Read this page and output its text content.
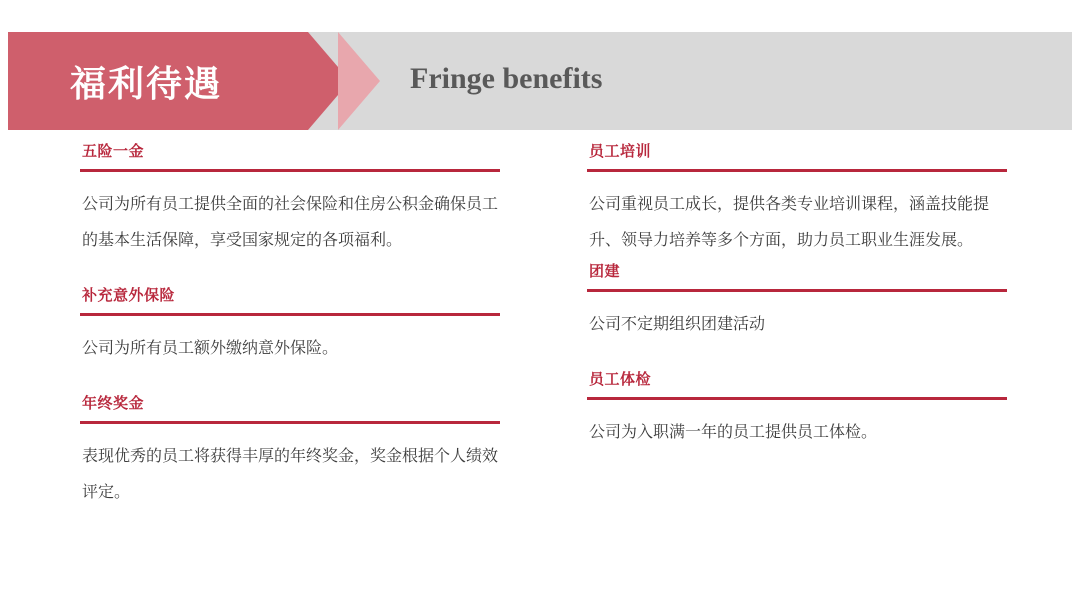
福利待遇	Fringe benefits
五险一金
公司为所有员工提供全面的社会保险和住房公积金确保员工的基本生活保障，享受国家规定的各项福利。
补充意外保险
公司为所有员工额外缴纳意外保险。
年终奖金
表现优秀的员工将获得丰厚的年终奖金，奖金根据个人绩效评定。
员工培训
公司重视员工成长，提供各类专业培训课程，涵盖技能提升、领导力培养等多个方面，助力员工职业生涯发展。
团建
公司不定期组织团建活动
员工体检
公司为入职满一年的员工提供员工体检。
